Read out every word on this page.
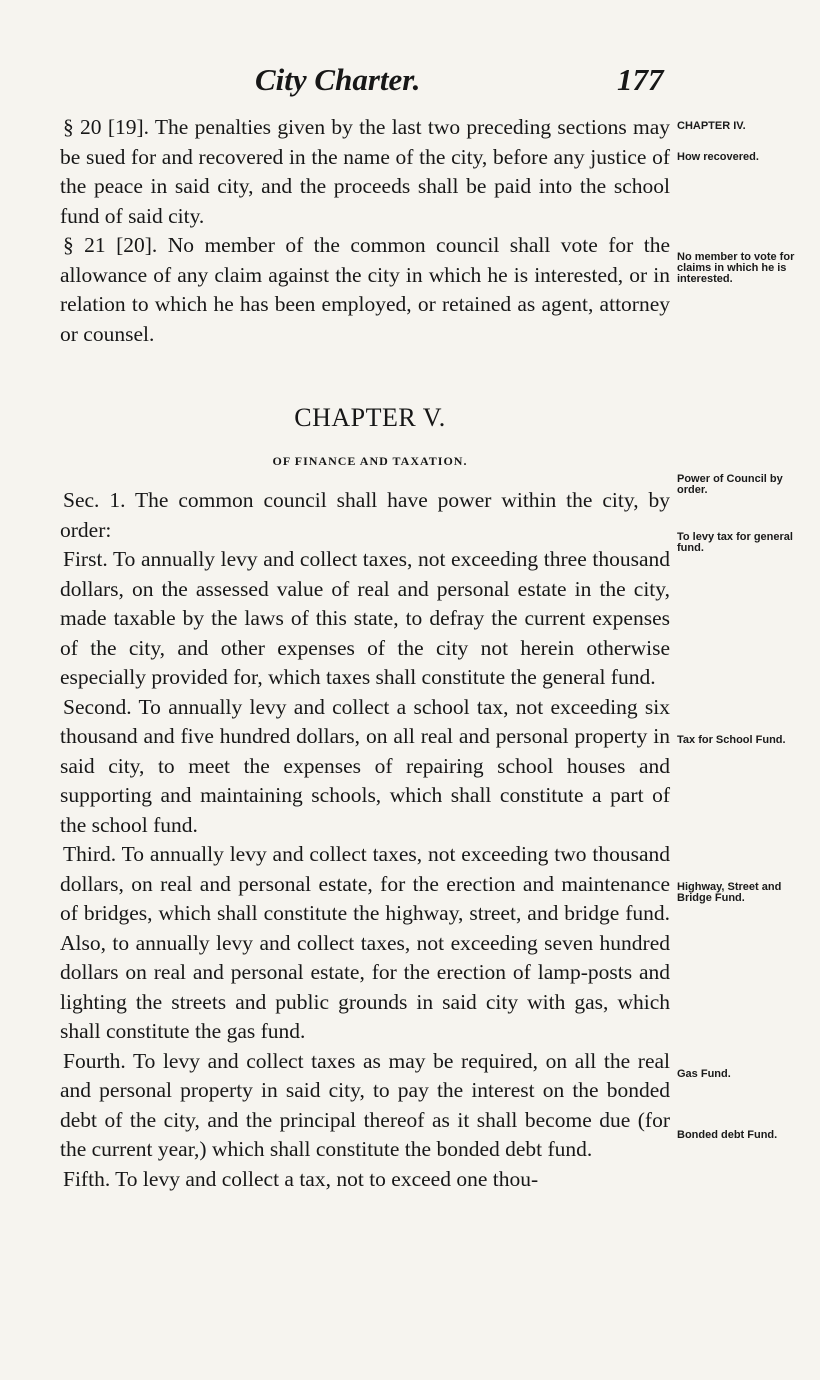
City Charter.	177

§ 20 [19]. The penalties given by the last two preceding sections may be sued for and recovered in the name of the city, before any justice of the peace in said city, and the proceeds shall be paid into the school fund of said city.

§ 21 [20]. No member of the common council shall vote for the allowance of any claim against the city in which he is interested, or in relation to which he has been employed, or retained as agent, attorney or counsel.

CHAPTER V.
OF FINANCE AND TAXATION.

Sec. 1. The common council shall have power within the city, by order:

First. To annually levy and collect taxes, not exceeding three thousand dollars, on the assessed value of real and personal estate in the city, made taxable by the laws of this state, to defray the current expenses of the city, and other expenses of the city not herein otherwise especially provided for, which taxes shall constitute the general fund.

Second. To annually levy and collect a school tax, not exceeding six thousand and five hundred dollars, on all real and personal property in said city, to meet the expenses of repairing school houses and supporting and maintaining schools, which shall constitute a part of the school fund.

Third. To annually levy and collect taxes, not exceeding two thousand dollars, on real and personal estate, for the erection and maintenance of bridges, which shall constitute the highway, street, and bridge fund. Also, to annually levy and collect taxes, not exceeding seven hundred dollars on real and personal estate, for the erection of lamp-posts and lighting the streets and public grounds in said city with gas, which shall constitute the gas fund.

Fourth. To levy and collect taxes as may be required, on all the real and personal property in said city, to pay the interest on the bonded debt of the city, and the principal thereof as it shall become due (for the current year,) which shall constitute the bonded debt fund.

Fifth. To levy and collect a tax, not to exceed one thou-

CHAPTER IV.
How recovered.
No member to vote for claims in which he is interested.
Power of Council by order.
To levy tax for general fund.
Tax for School Fund.
Highway, Street and Bridge Fund.
Gas Fund.
Bonded debt Fund.
